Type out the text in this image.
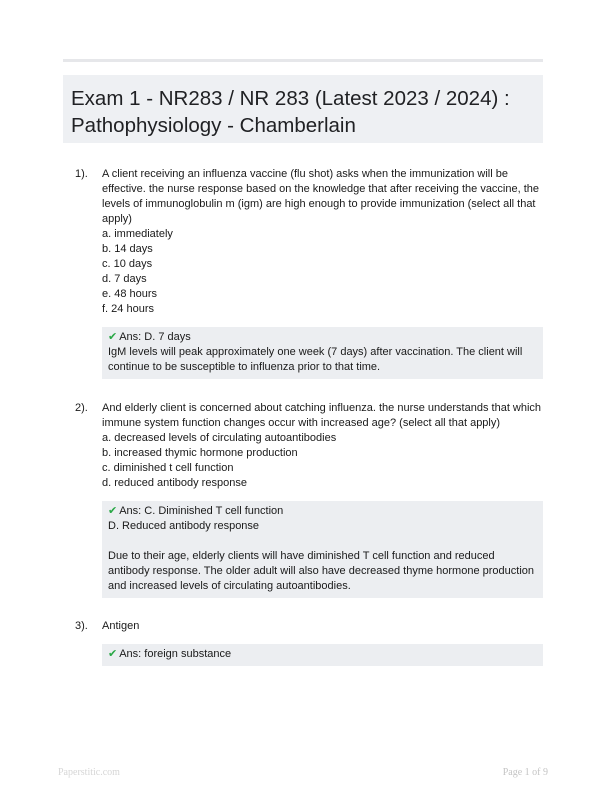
Exam 1 - NR283 / NR 283 (Latest 2023 / 2024) : Pathophysiology - Chamberlain
1). A client receiving an influenza vaccine (flu shot) asks when the immunization will be effective. the nurse response based on the knowledge that after receiving the vaccine, the levels of immunoglobulin m (igm) are high enough to provide immunization (select all that apply)

a. immediately

b. 14 days

c. 10 days

d. 7 days

e. 48 hours

f. 24 hours

✔ Ans: D. 7 days

IgM levels will peak approximately one week (7 days) after vaccination. The client will continue to be susceptible to influenza prior to that time.

2). And elderly client is concerned about catching influenza. the nurse understands that which immune system function changes occur with increased age? (select all that apply)

a. decreased levels of circulating autoantibodies

b. increased thymic hormone production

c. diminished t cell function

d. reduced antibody response

✔ Ans: C. Diminished T cell function

D. Reduced antibody response

Due to their age, elderly clients will have diminished T cell function and reduced antibody response. The older adult will also have decreased thyme hormone production and increased levels of circulating autoantibodies.

3). Antigen

✔ Ans: foreign substance

Paperstitic.com	Page 1 of 9
